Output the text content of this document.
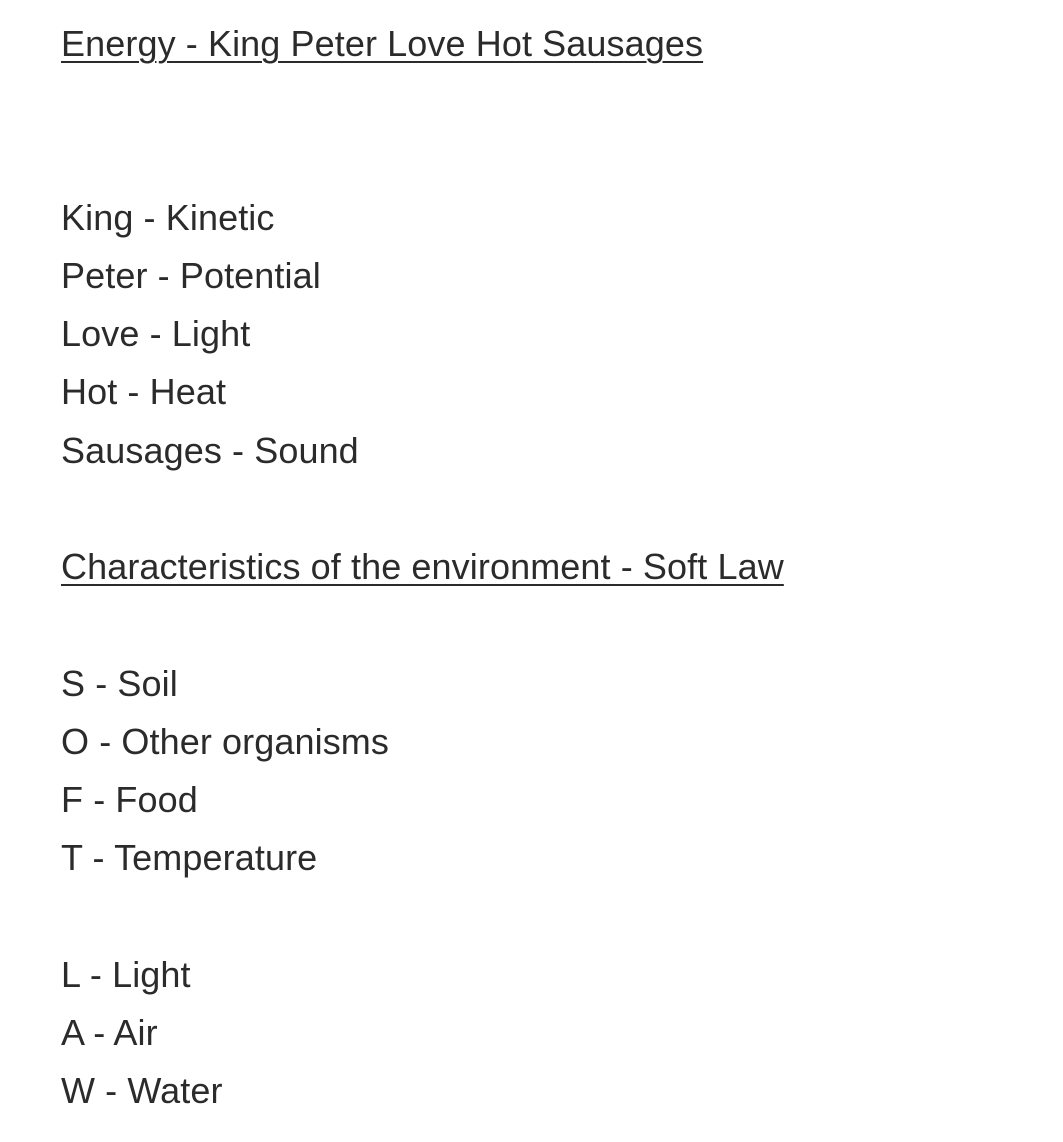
Energy - King Peter Love Hot Sausages
King - Kinetic
Peter - Potential
Love - Light
Hot - Heat
Sausages - Sound
Characteristics of the environment - Soft Law
S - Soil
O - Other organisms
F - Food
T - Temperature
L - Light
A - Air
W - Water
